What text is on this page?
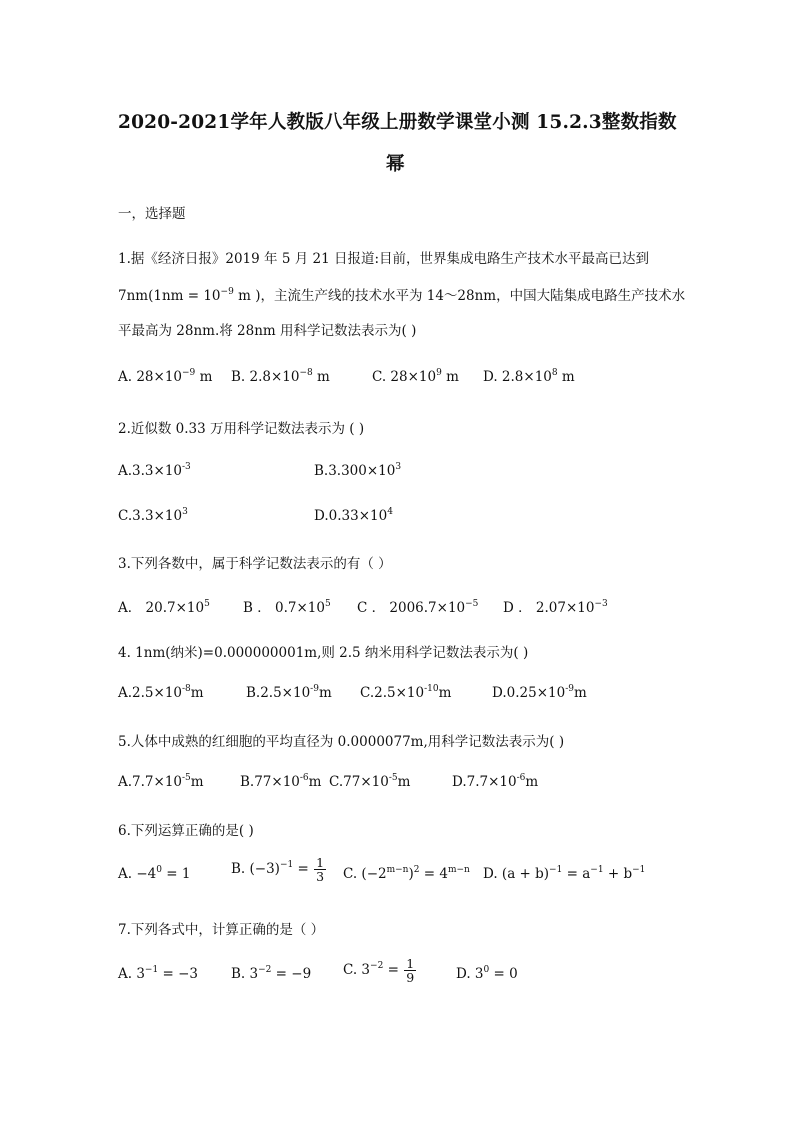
2020-2021学年人教版八年级上册数学课堂小测 15.2.3整数指数
幂
一，选择题
1.据《经济日报》2019 年 5 月 21 日报道:目前，世界集成电路生产技术水平最高已达到
$7nm(1nm = 10^{-9}$ m )，主流生产线的技术水平为 14～28nm，中国大陆集成电路生产技术水
平最高为 28nm.将 28nm 用科学记数法表示为( )
A. $28\times 10^{-9}$ m B. $2.8\times 10^{-8}$ m	C. $28\times 10^9$ m D. $2.8\times 10^8$ m
2.近似数 0.33 万用科学记数法表示为 ( )
$A.3.3\times 10^{-3}$	$B.3.300\times 10^3$
$C.3.3\times 10^3$	$D.0.33\times 10^4$
3.下列各数中，属于科学记数法表示的有（ ）
A． $20.7\times 10^5$ B ． $0.7\times 10^5$ C ． $2006.7\times 10^{-5}$ D ． $2.07\times 10^{-3}$
4. 1nm(纳米)=0.000000001m,则 2.5 纳米用科学记数法表示为( )
$A.2.5\times 10^{-8}m$	$B.2.5\times 10^{-9}m$ $C.2.5\times 10^{-10}m$	$D.0.25\times 10^{-9}m$
5.人体中成熟的红细胞的平均直径为 0.0000077m,用科学记数法表示为( )
$A.7.7\times 10^{-5}m$	$B.77\times 10^{-6}m$ $C.77\times 10^{-5}m$	$D.7.7\times 10^{-6}m$
6.下列运算正确的是( )
A. $-4^0 = 1$	B. $(-3)^{-1} = \frac{1}{3} C$. $(-2^{m-n})^2 = 4^{m-n}$ D. $(a + b)^{-1} = a^{-1} + b^{-1}$
7.下列各式中，计算正确的是（ ）
A. $3^{-1} = -3$ B. $3^{-2} = -9$ C. $3^{-2} = \frac{1}{9}$	D. $3^0 = 0$
